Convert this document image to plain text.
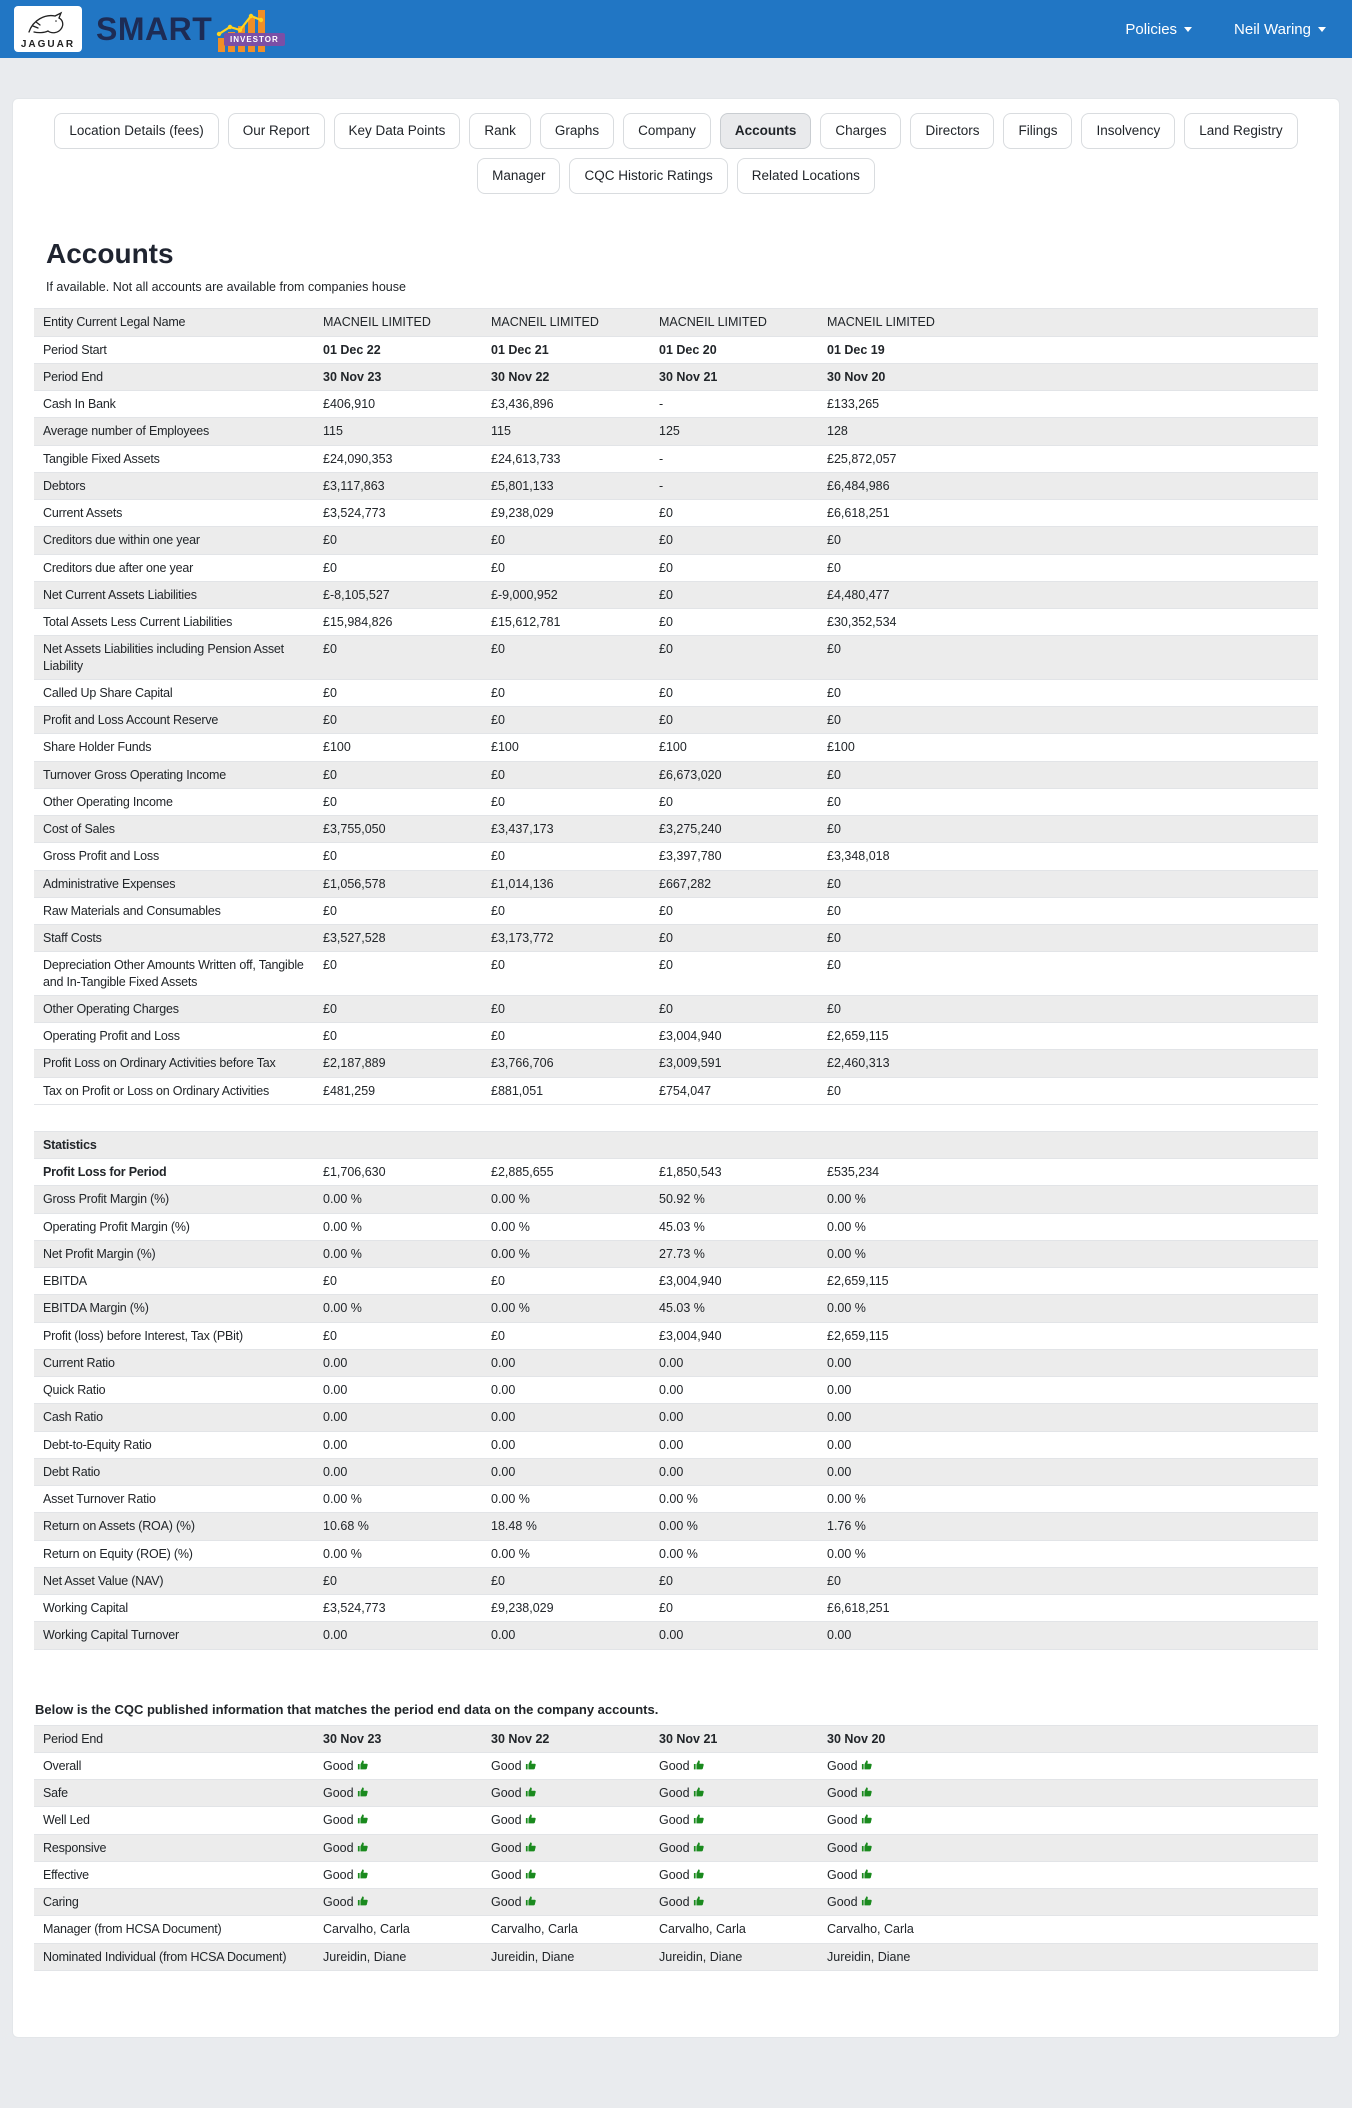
JAGUAR SMART	INVESTOR
Policies	Neil Waring
Location Details (fees)	Our Report	Key Data Points	Rank	Graphs	Company	Accounts	Charges	Directors	Filings	Insolvency	Land Registry
Manager	CQC Historic Ratings	Related Locations
Accounts

If available. Not all accounts are available from companies house

Entity Current Legal Name	MACNEIL LIMITED	MACNEIL LIMITED	MACNEIL LIMITED	MACNEIL LIMITED
Period Start	01 Dec 22	01 Dec 21	01 Dec 20	01 Dec 19
Period End	30 Nov 23	30 Nov 22	30 Nov 21	30 Nov 20
Cash In Bank	£406,910	£3,436,896	-	£133,265
Average number of Employees	115	115	125	128
Tangible Fixed Assets	£24,090,353	£24,613,733	-	£25,872,057
Debtors	£3,117,863	£5,801,133	-	£6,484,986
Current Assets	£3,524,773	£9,238,029	£0	£6,618,251
Creditors due within one year	£0	£0	£0	£0
Creditors due after one year	£0	£0	£0	£0
Net Current Assets Liabilities	£-8,105,527	£-9,000,952	£0	£4,480,477
Total Assets Less Current Liabilities	£15,984,826	£15,612,781	£0	£30,352,534
Net Assets Liabilities including Pension Asset Liability	£0	£0	£0	£0
Called Up Share Capital	£0	£0	£0	£0
Profit and Loss Account Reserve	£0	£0	£0	£0
Share Holder Funds	£100	£100	£100	£100
Turnover Gross Operating Income	£0	£0	£6,673,020	£0
Other Operating Income	£0	£0	£0	£0
Cost of Sales	£3,755,050	£3,437,173	£3,275,240	£0
Gross Profit and Loss	£0	£0	£3,397,780	£3,348,018
Administrative Expenses	£1,056,578	£1,014,136	£667,282	£0
Raw Materials and Consumables	£0	£0	£0	£0
Staff Costs	£3,527,528	£3,173,772	£0	£0
Depreciation Other Amounts Written off, Tangible and In-Tangible Fixed Assets	£0	£0	£0	£0
Other Operating Charges	£0	£0	£0	£0
Operating Profit and Loss	£0	£0	£3,004,940	£2,659,115
Profit Loss on Ordinary Activities before Tax	£2,187,889	£3,766,706	£3,009,591	£2,460,313
Tax on Profit or Loss on Ordinary Activities	£481,259	£881,051	£754,047	£0
Statistics				
Profit Loss for Period	£1,706,630	£2,885,655	£1,850,543	£535,234
Gross Profit Margin (%)	0.00 %	0.00 %	50.92 %	0.00 %
Operating Profit Margin (%)	0.00 %	0.00 %	45.03 %	0.00 %
Net Profit Margin (%)	0.00 %	0.00 %	27.73 %	0.00 %
EBITDA	£0	£0	£3,004,940	£2,659,115
EBITDA Margin (%)	0.00 %	0.00 %	45.03 %	0.00 %
Profit (loss) before Interest, Tax (PBit)	£0	£0	£3,004,940	£2,659,115
Current Ratio	0.00	0.00	0.00	0.00
Quick Ratio	0.00	0.00	0.00	0.00
Cash Ratio	0.00	0.00	0.00	0.00
Debt-to-Equity Ratio	0.00	0.00	0.00	0.00
Debt Ratio	0.00	0.00	0.00	0.00
Asset Turnover Ratio	0.00 %	0.00 %	0.00 %	0.00 %
Return on Assets (ROA) (%)	10.68 %	18.48 %	0.00 %	1.76 %
Return on Equity (ROE) (%)	0.00 %	0.00 %	0.00 %	0.00 %
Net Asset Value (NAV)	£0	£0	£0	£0
Working Capital	£3,524,773	£9,238,029	£0	£6,618,251
Working Capital Turnover	0.00	0.00	0.00	0.00

Below is the CQC published information that matches the period end data on the company accounts.

Period End	30 Nov 23	30 Nov 22	30 Nov 21	30 Nov 20
Overall	Good	Good	Good	Good
Safe	Good	Good	Good	Good
Well Led	Good	Good	Good	Good
Responsive	Good	Good	Good	Good
Effective	Good	Good	Good	Good
Caring	Good	Good	Good	Good
Manager (from HCSA Document)	Carvalho, Carla	Carvalho, Carla	Carvalho, Carla	Carvalho, Carla
Nominated Individual (from HCSA Document)	Jureidin, Diane	Jureidin, Diane	Jureidin, Diane	Jureidin, Diane
